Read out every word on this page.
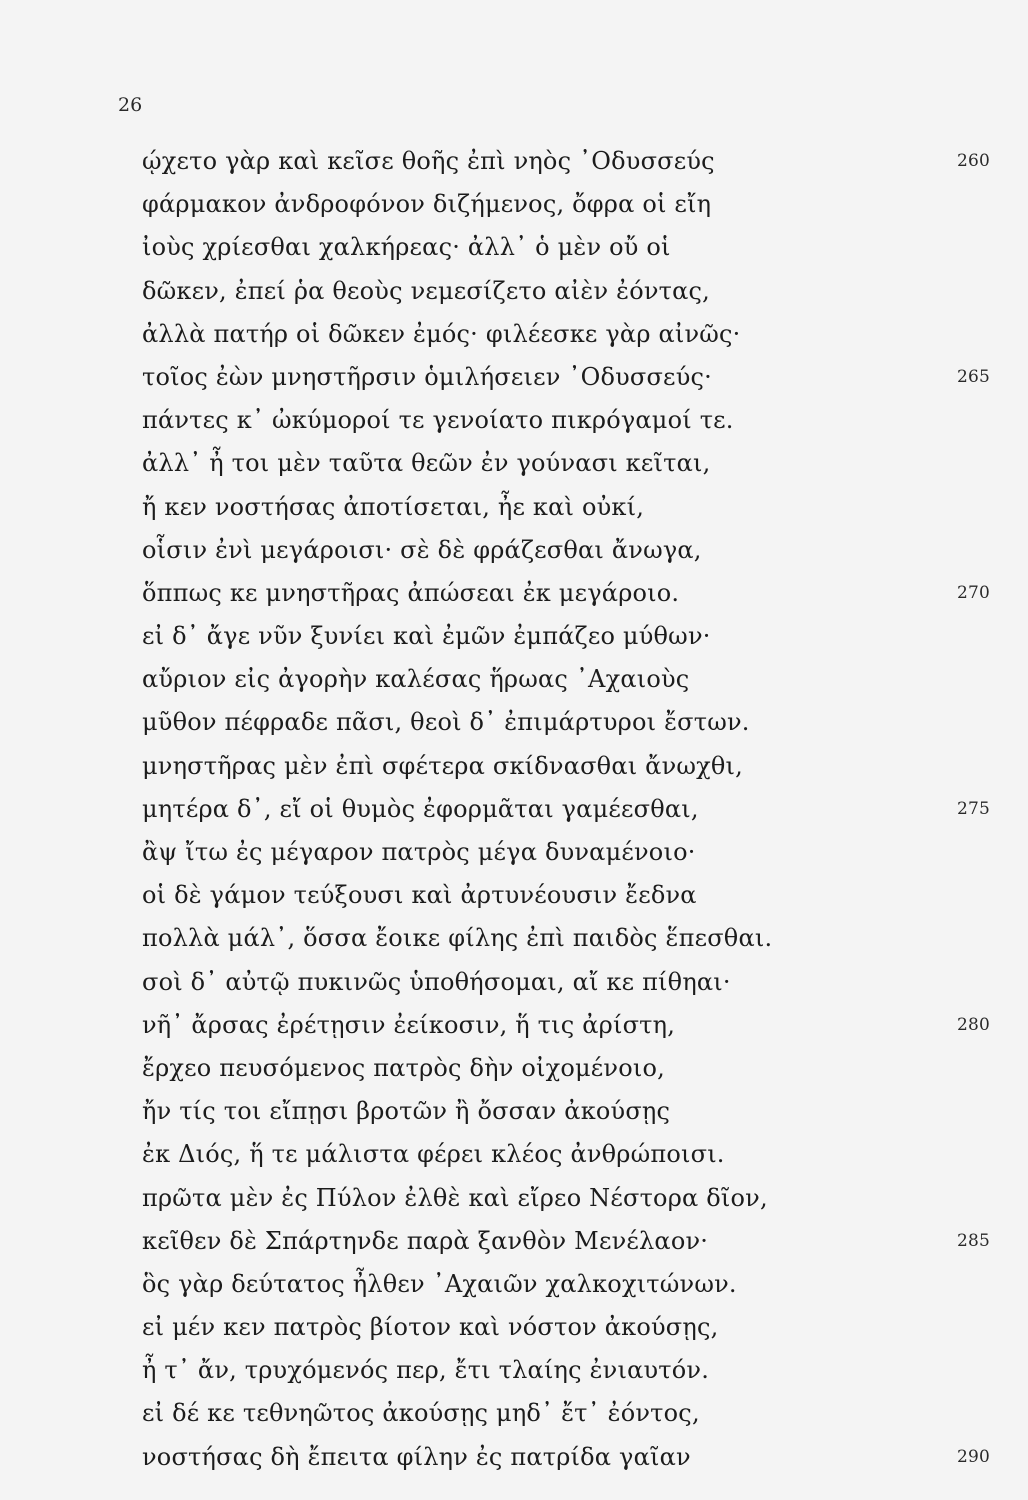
26
ῴχετο γὰρ καὶ κεῖσε θοῆς ἐπὶ νηὸς ᾿Οδυσσεύς	260
φάρμακον ἀνδροφόνον διζήμενος, ὄφρα οἱ εἴη
ἰοὺς χρίεσθαι χαλκήρεας· ἀλλ᾿ ὁ μὲν οὔ οἱ
δῶκεν, ἐπεί ῥα θεοὺς νεμεσίζετο αἰὲν ἐόντας,
ἀλλὰ πατήρ οἱ δῶκεν ἐμός· φιλέεσκε γὰρ αἰνῶς·
τοῖος ἐὼν μνηστῆρσιν ὁμιλήσειεν ᾿Οδυσσεύς·	265
πάντες κ᾿ ὠκύμοροί τε γενοίατο πικρόγαμοί τε.
ἀλλ᾿ ἦ τοι μὲν ταῦτα θεῶν ἐν γούνασι κεῖται,
ἤ κεν νοστήσας ἀποτίσεται, ἦε καὶ οὐκί,
οἷσιν ἐνὶ μεγάροισι· σὲ δὲ φράζεσθαι ἄνωγα,
ὅππως κε μνηστῆρας ἀπώσεαι ἐκ μεγάροιο.	270
εἰ δ᾿ ἄγε νῦν ξυνίει καὶ ἐμῶν ἐμπάζεο μύθων·
αὔριον εἰς ἀγορὴν καλέσας ἥρωας ᾿Αχαιοὺς
μῦθον πέφραδε πᾶσι, θεοὶ δ᾿ ἐπιμάρτυροι ἔστων.
μνηστῆρας μὲν ἐπὶ σφέτερα σκίδνασθαι ἄνωχθι,
μητέρα δ᾿, εἴ οἱ θυμὸς ἐφορμᾶται γαμέεσθαι,	275
ἂψ ἴτω ἐς μέγαρον πατρὸς μέγα δυναμένοιο·
οἱ δὲ γάμον τεύξουσι καὶ ἀρτυνέουσιν ἔεδνα
πολλὰ μάλ᾿, ὅσσα ἔοικε φίλης ἐπὶ παιδὸς ἕπεσθαι.
σοὶ δ᾿ αὐτῷ πυκινῶς ὑποθήσομαι, αἴ κε πίθηαι·
νῆ᾿ ἄρσας ἐρέτῃσιν ἐείκοσιν, ἥ τις ἀρίστη,	280
ἔρχεο πευσόμενος πατρὸς δὴν οἰχομένοιο,
ἤν τίς τοι εἴπῃσι βροτῶν ἢ ὄσσαν ἀκούσῃς
ἐκ Διός, ἥ τε μάλιστα φέρει κλέος ἀνθρώποισι.
πρῶτα μὲν ἐς Πύλον ἐλθὲ καὶ εἴρεο Νέστορα δῖον,
κεῖθεν δὲ Σπάρτηνδε παρὰ ξανθὸν Μενέλαον·	285
ὃς γὰρ δεύτατος ἦλθεν ᾿Αχαιῶν χαλκοχιτώνων.
εἰ μέν κεν πατρὸς βίοτον καὶ νόστον ἀκούσῃς,
ἦ τ᾿ ἄν, τρυχόμενός περ, ἔτι τλαίης ἐνιαυτόν.
εἰ δέ κε τεθνηῶτος ἀκούσῃς μηδ᾿ ἔτ᾿ ἐόντος,
νοστήσας δὴ ἔπειτα φίλην ἐς πατρίδα γαῖαν	290
